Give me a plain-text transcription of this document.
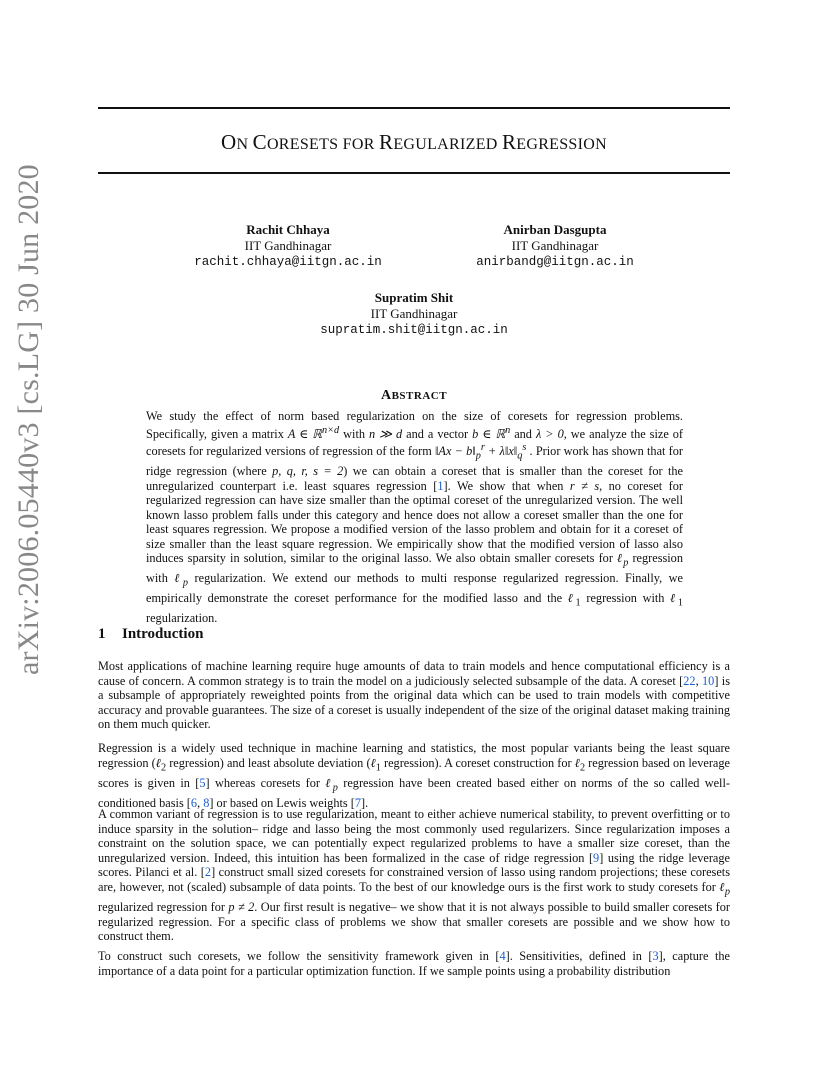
ON CORESETS FOR REGULARIZED REGRESSION
Rachit Chhaya
IIT Gandhinagar
rachit.chhaya@iitgn.ac.in
Anirban Dasgupta
IIT Gandhinagar
anirbandg@iitgn.ac.in
Supratim Shit
IIT Gandhinagar
supratim.shit@iitgn.ac.in
arXiv:2006.05440v3 [cs.LG] 30 Jun 2020	ABSTRACT

We study the effect of norm based regularization on the size of coresets for regression problems. Specifically, given a matrix A ∈ ℝ$^{n\times d}$ with n ≫ d and a vector b ∈ ℝ$^n$ and λ > 0, we analyze the size of coresets for regularized versions of regression of the form ‖Ax − $b‖_p^r$ + $\lambda‖x‖_q^s$ . Prior work has shown that for ridge regression (where p, q, r, s = 2) we can obtain a coreset that is smaller than the coreset for the unregularized counterpart i.e. least squares regression [1]. We show that when r ≠ s, no coreset for regularized regression can have size smaller than the optimal coreset of the unregularized version. The well known lasso problem falls under this category and hence does not allow a coreset smaller than the one for least squares regression. We propose a modified version of the lasso problem and obtain for it a coreset of size smaller than the least square regression. We empirically show that the modified version of lasso also induces sparsity in solution, similar to the original lasso. We also obtain smaller coresets for ℓ$_p$ regression with ℓ$_p$ regularization. We extend our methods to multi response regularized regression. Finally, we empirically demonstrate the coreset performance for the modified lasso and the ℓ$_1$ regression with ℓ$_1$ regularization.

1 Introduction

Most applications of machine learning require huge amounts of data to train models and hence computational efficiency is a cause of concern. A common strategy is to train the model on a judiciously selected subsample of the data. A coreset [22, 10] is a subsample of appropriately reweighted points from the original data which can be used to train models with competitive accuracy and provable guarantees. The size of a coreset is usually independent of the size of the original dataset making training on them much quicker.

Regression is a widely used technique in machine learning and statistics, the most popular variants being the least square regression (ℓ$_2$ regression) and least absolute deviation (ℓ$_1$ regression). A coreset construction for ℓ$_2$ regression based on leverage scores is given in [5] whereas coresets for ℓ$_p$ regression have been created based either on norms of the so called well-conditioned basis [6, 8] or based on Lewis weights [7].

A common variant of regression is to use regularization, meant to either achieve numerical stability, to prevent overfitting or to induce sparsity in the solution– ridge and lasso being the most commonly used regularizers. Since regularization imposes a constraint on the solution space, we can potentially expect regularized problems to have a smaller size coreset, than the unregularized version. Indeed, this intuition has been formalized in the case of ridge regression [9] using the ridge leverage scores. Pilanci et al. [2] construct small sized coresets for constrained version of lasso using random projections; these coresets are, however, not (scaled) subsample of data points. To the best of our knowledge ours is the first work to study coresets for ℓ$_p$ regularized regression for p ≠ 2. Our first result is negative– we show that it is not always possible to build smaller coresets for regularized regression. For a specific class of problems we show that smaller coresets are possible and we show how to construct them.

To construct such coresets, we follow the sensitivity framework given in [4]. Sensitivities, defined in [3], capture the importance of a data point for a particular optimization function. If we sample points using a probability distribution
